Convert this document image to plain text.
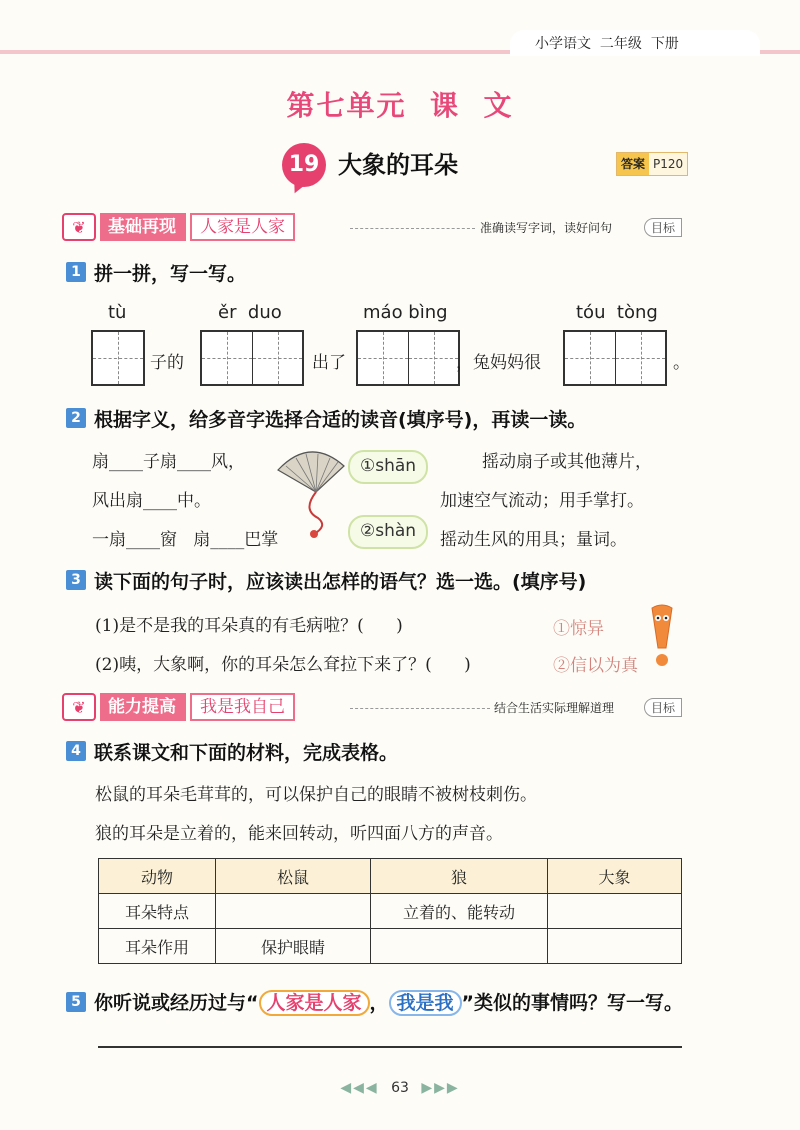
小学语文 二年级 下册
第七单元  课  文
19 大象的耳朵	答案 P120
❦	基础再现	人家是人家	准确读写字词，读好问句	目标
1 拼一拼，写一写。
tù	ěr  duo	máo bìng	tóu  tòng
子的	出了	，兔妈妈很	。
2 根据字义，给多音字选择合适的读音(填序号)，再读一读。
扇____子扇____风，
风出扇____中。
一扇____窗   扇____巴掌
①shān
②shàn
摇动扇子或其他薄片，
加速空气流动；用手掌打。
摇动生风的用具；量词。
3 读下面的句子时，应该读出怎样的语气？选一选。(填序号)
(1)是不是我的耳朵真的有毛病啦？(      )
(2)咦，大象啊，你的耳朵怎么耷拉下来了？(      )
①惊异
②信以为真
❦	能力提高	我是我自己	结合生活实际理解道理	目标
4 联系课文和下面的材料，完成表格。
松鼠的耳朵毛茸茸的，可以保护自己的眼睛不被树枝刺伤。
狼的耳朵是立着的，能来回转动，听四面八方的声音。
动物	松鼠	狼	大象
耳朵特点		立着的、能转动	
耳朵作用	保护眼睛		
5 你听说或经历过与“ 人家是人家 ， 我是我 ”类似的事情吗？写一写。
◀◀◀ 63 ▶▶▶
